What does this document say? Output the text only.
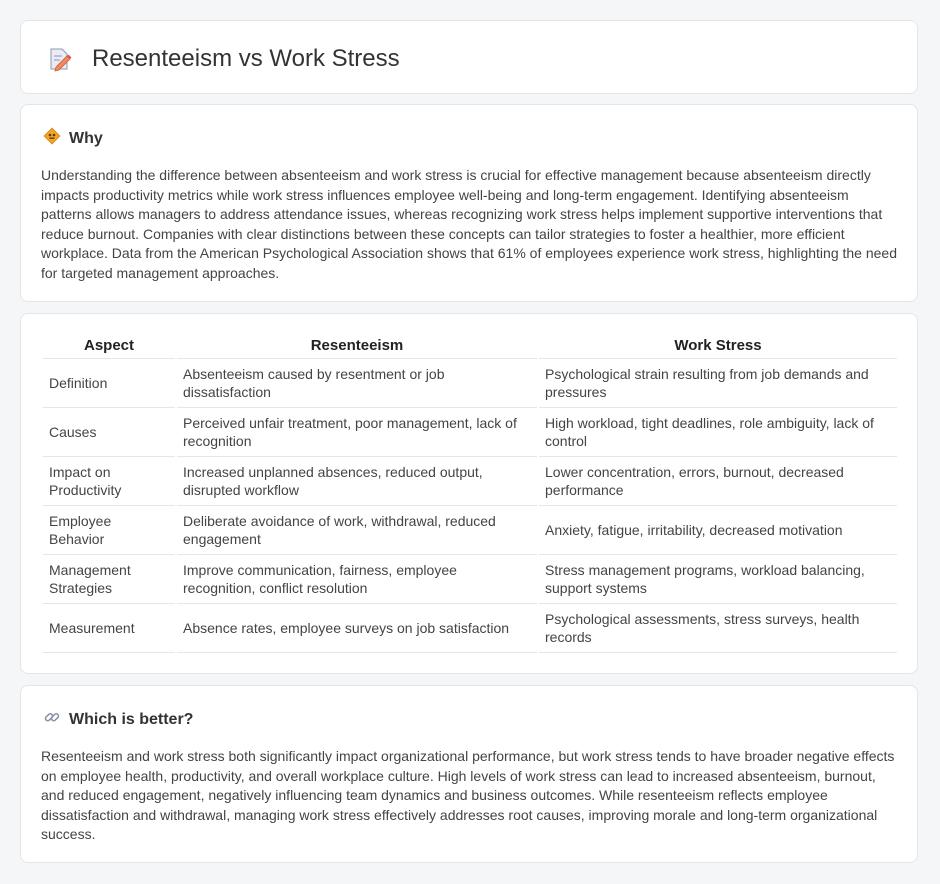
Resenteeism vs Work Stress
Why

Understanding the difference between absenteeism and work stress is crucial for effective management because absenteeism directly impacts productivity metrics while work stress influences employee well-being and long-term engagement. Identifying absenteeism patterns allows managers to address attendance issues, whereas recognizing work stress helps implement supportive interventions that reduce burnout. Companies with clear distinctions between these concepts can tailor strategies to foster a healthier, more efficient workplace. Data from the American Psychological Association shows that 61% of employees experience work stress, highlighting the need for targeted management approaches.

Aspect	Resenteeism	Work Stress
Definition	Absenteeism caused by resentment or job dissatisfaction	Psychological strain resulting from job demands and pressures
Causes	Perceived unfair treatment, poor management, lack of recognition	High workload, tight deadlines, role ambiguity, lack of control
Impact on Productivity	Increased unplanned absences, reduced output, disrupted workflow	Lower concentration, errors, burnout, decreased performance
Employee Behavior	Deliberate avoidance of work, withdrawal, reduced engagement	Anxiety, fatigue, irritability, decreased motivation
Management Strategies	Improve communication, fairness, employee recognition, conflict resolution	Stress management programs, workload balancing, support systems
Measurement	Absence rates, employee surveys on job satisfaction	Psychological assessments, stress surveys, health records
Which is better?

Resenteeism and work stress both significantly impact organizational performance, but work stress tends to have broader negative effects on employee health, productivity, and overall workplace culture. High levels of work stress can lead to increased absenteeism, burnout, and reduced engagement, negatively influencing team dynamics and business outcomes. While resenteeism reflects employee dissatisfaction and withdrawal, managing work stress effectively addresses root causes, improving morale and long-term organizational success.
